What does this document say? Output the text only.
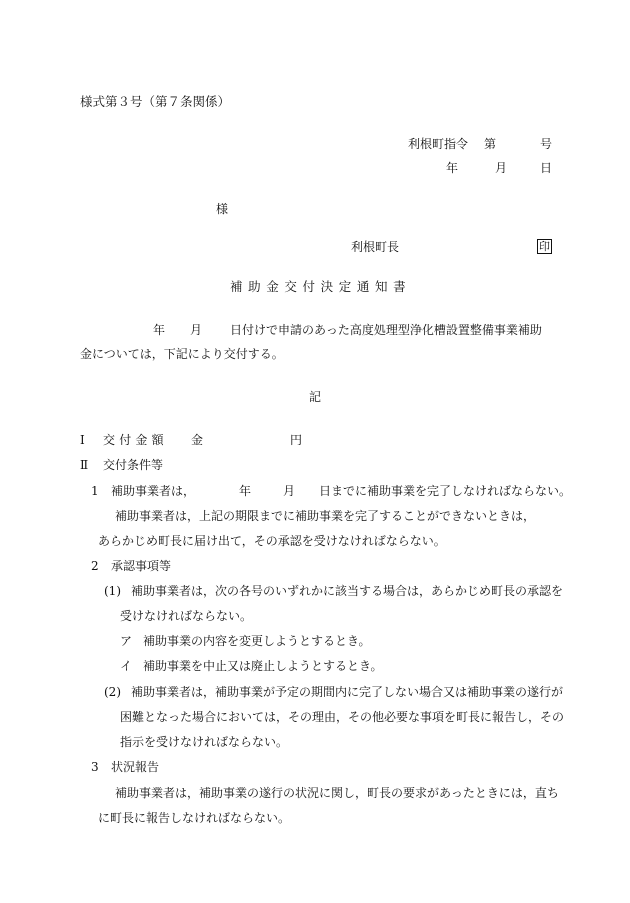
様式第３号（第７条関係）
利根町指令 第	号
年	月	日
様
利根町長	印
補助金交付決定通知書
年 月 日付けで申請のあった高度処理型浄化槽設置整備事業補助
金については，下記により交付する。
記
Ⅰ 交付金額 金	円
Ⅱ 交付条件等
1 補助事業者は，	年	月 日までに補助事業を完了しなければならない。
補助事業者は，上記の期限までに補助事業を完了することができないときは，
あらかじめ町長に届け出て，その承認を受けなければならない。
2 承認事項等
(1) 補助事業者は，次の各号のいずれかに該当する場合は，あらかじめ町長の承認を
受けなければならない。
ア 補助事業の内容を変更しようとするとき。
イ 補助事業を中止又は廃止しようとするとき。
(2) 補助事業者は，補助事業が予定の期間内に完了しない場合又は補助事業の遂行が
困難となった場合においては，その理由，その他必要な事項を町長に報告し，その
指示を受けなければならない。
3 状況報告
補助事業者は，補助事業の遂行の状況に関し，町長の要求があったときには，直ち
に町長に報告しなければならない。
